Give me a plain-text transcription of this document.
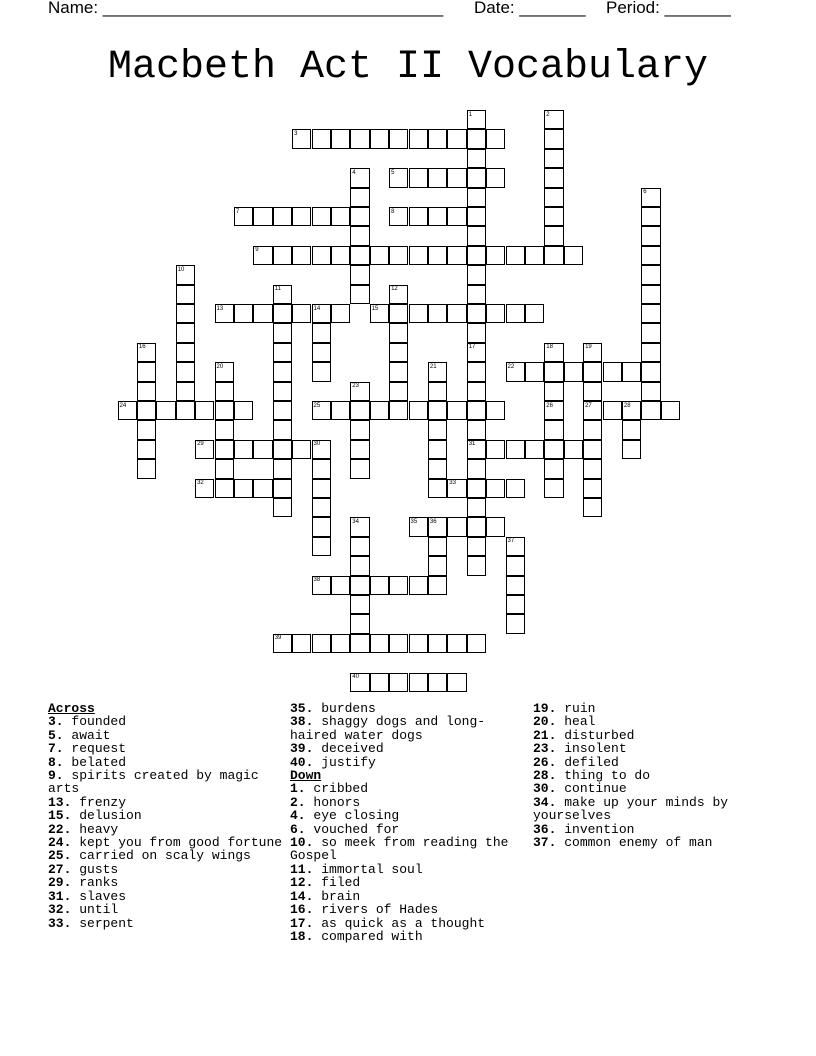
Name: ____________________________________ Date: _______ Period: _______
Macbeth Act II Vocabulary
3
5
7	8
9
13	15
22
24	25	27
29	31
32	33
35
38
39
40
1	2
4
6
10
11	12
14
16	17	18	19
20	21
23
26	28
30
34	36
37
Across
3. founded
5. await
7. request
8. belated
9. spirits created by magic arts
13. frenzy
15. delusion
22. heavy
24. kept you from good fortune
25. carried on scaly wings
27. gusts
29. ranks
31. slaves
32. until
33. serpent
35. burdens
38. shaggy dogs and long-haired water dogs
39. deceived
40. justify
Down
1. cribbed
2. honors
4. eye closing
6. vouched for
10. so meek from reading the Gospel
11. immortal soul
12. filed
14. brain
16. rivers of Hades
17. as quick as a thought
18. compared with
19. ruin
20. heal
21. disturbed
23. insolent
26. defiled
28. thing to do
30. continue
34. make up your minds by yourselves
36. invention
37. common enemy of man
